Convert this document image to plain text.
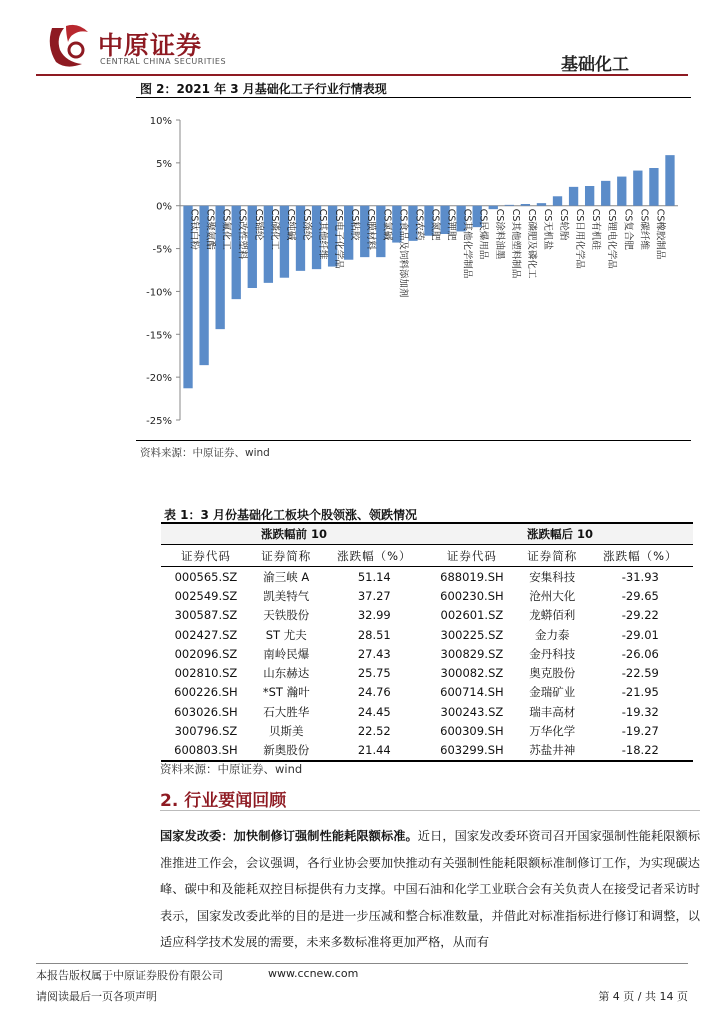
中原证券
CENTRAL CHINA SECURITIES	基础化工
图 2：2021 年 3 月基础化工子行业行情表现
10%
5%
0%
-5%
-10%
-15%
-20%
-25%
CS钛白粉 CS聚氨酯 CS氟化工 CS改性塑料 CS锦纶 CS磷化工 CS纯碱 CS涤纶 CS其他纤维 CS电子化学品 CS粘胶 CS膜材料 CS氯碱 CS食品及饲料添加剂 CS农药 CS氮肥 CS钾肥 CS其他化学制品 CS民爆用品 CS涂料油墨 CS其他塑料制品 CS磷肥及磷化工 CS无机盐 CS轮胎 CS日用化学品 CS有机硅 CS锂电化学品 CS复合肥 CS碳纤维 CS橡胶制品
资料来源：中原证券、wind
表 1：3 月份基础化工板块个股领涨、领跌情况
涨跌幅前 10			涨跌幅后 10		
证券代码	证券简称	涨跌幅（%）	证券代码	证券简称	涨跌幅（%）
000565.SZ	渝三峡 A	51.14	688019.SH	安集科技	-31.93
002549.SZ	凯美特气	37.27	600230.SH	沧州大化	-29.65
300587.SZ	天铁股份	32.99	002601.SZ	龙蟒佰利	-29.22
002427.SZ	ST 尤夫	28.51	300225.SZ	金力泰	-29.01
002096.SZ	南岭民爆	27.43	300829.SZ	金丹科技	-26.06
002810.SZ	山东赫达	25.75	300082.SZ	奥克股份	-22.59
600226.SH	*ST 瀚叶	24.76	600714.SH	金瑞矿业	-21.95
603026.SH	石大胜华	24.45	300243.SZ	瑞丰高材	-19.32
300796.SZ	贝斯美	22.52	600309.SH	万华化学	-19.27
600803.SH	新奥股份	21.44	603299.SH	苏盐井神	-18.22
资料来源：中原证券、wind
2. 行业要闻回顾
国家发改委：加快制修订强制性能耗限额标准。近日，国家发改委环资司召开国家强制性能耗限额标准推进工作会，会议强调，各行业协会要加快推动有关强制性能耗限额标准制修订工作，为实现碳达峰、碳中和及能耗双控目标提供有力支撑。中国石油和化学工业联合会有关负责人在接受记者采访时表示，国家发改委此举的目的是进一步压减和整合标准数量，并借此对标准指标进行修订和调整，以适应科学技术发展的需要，未来多数标准将更加严格，从而有
本报告版权属于中原证券股份有限公司	www.ccnew.com
请阅读最后一页各项声明	第 4 页 / 共 14 页
